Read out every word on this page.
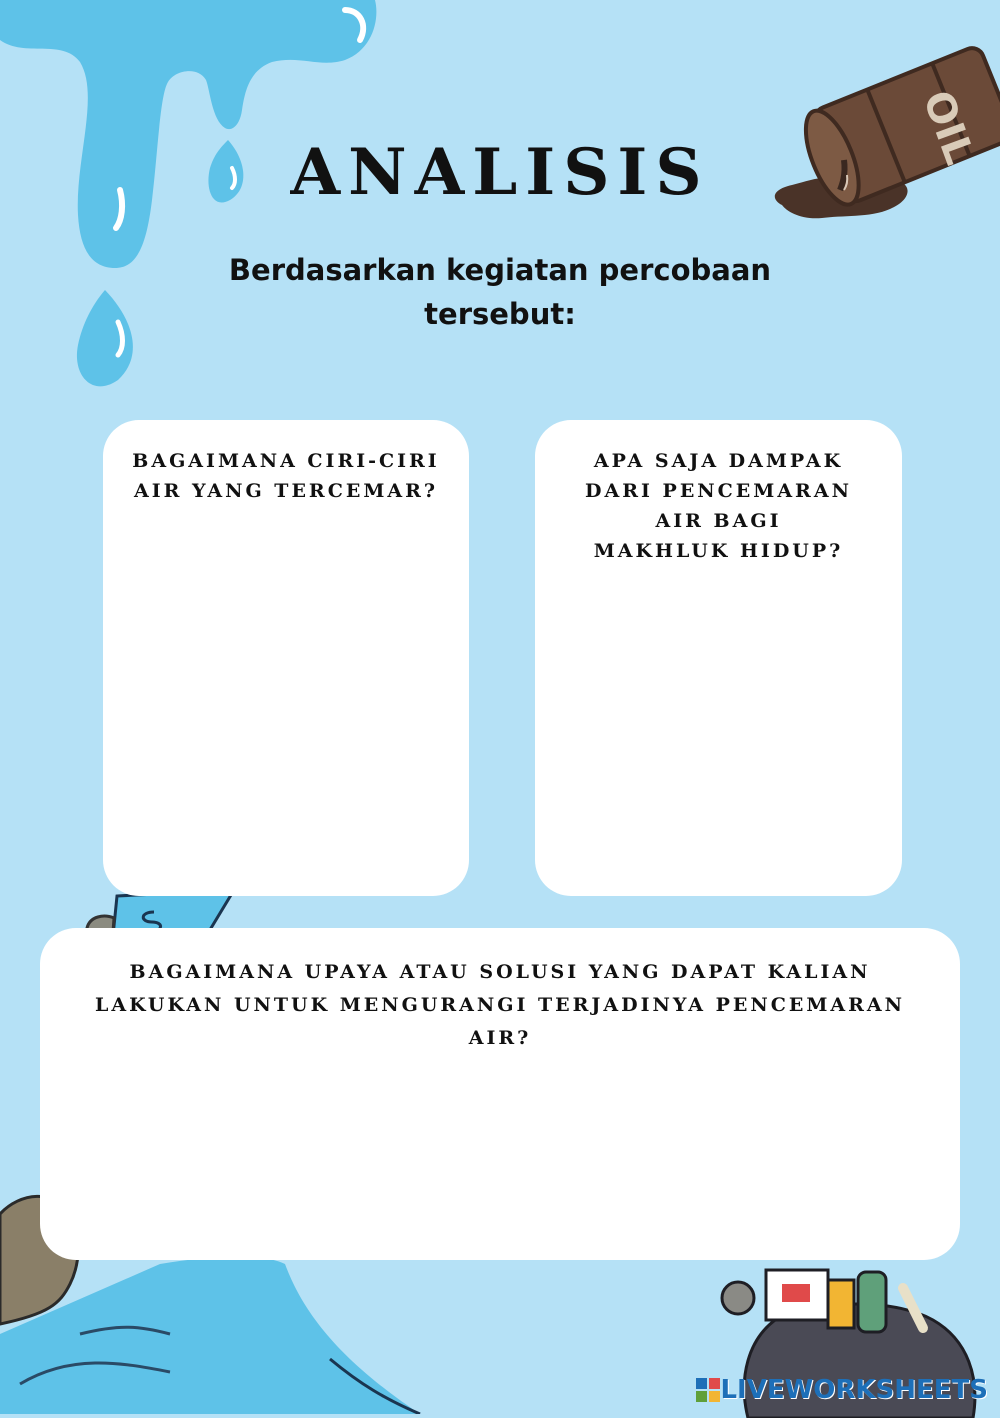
OIL
ANALISIS
Berdasarkan kegiatan percobaan tersebut:
BAGAIMANA CIRI-CIRI AIR YANG TERCEMAR?
APA SAJA DAMPAK DARI PENCEMARAN AIR BAGI MAKHLUK HIDUP?
BAGAIMANA UPAYA ATAU SOLUSI YANG DAPAT KALIAN LAKUKAN UNTUK MENGURANGI TERJADINYA PENCEMARAN AIR?
LIVEWORKSHEETS
